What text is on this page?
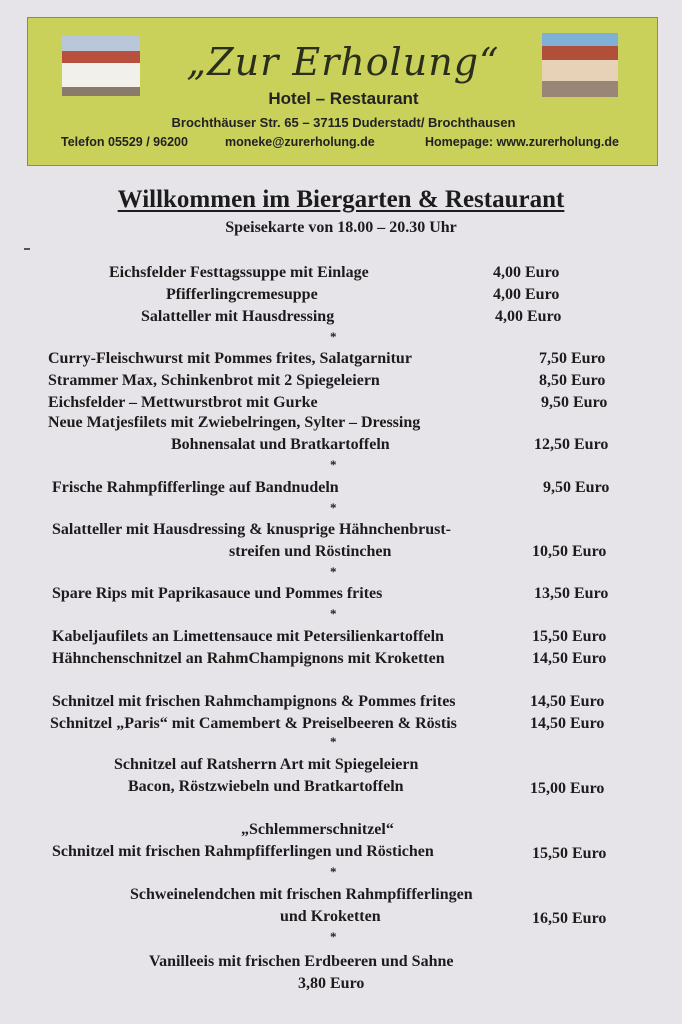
„Zur Erholung“
Hotel – Restaurant
Brochthäuser Str. 65 – 37115 Duderstadt/ Brochthausen
Telefon 05529 / 96200	moneke@zurerholung.de	Homepage: www.zurerholung.de
Willkommen im Biergarten & Restaurant
Speisekarte von 18.00 – 20.30 Uhr
Eichsfelder Festtagssuppe mit Einlage	4,00 Euro
Pfifferlingcremesuppe	4,00 Euro
Salatteller mit Hausdressing	4,00 Euro
*
Curry-Fleischwurst mit Pommes frites, Salatgarnitur	7,50 Euro
Strammer Max, Schinkenbrot mit 2 Spiegeleiern	8,50 Euro
Eichsfelder – Mettwurstbrot mit Gurke	9,50 Euro
Neue Matjesfilets mit Zwiebelringen, Sylter – Dressing
Bohnensalat und Bratkartoffeln	12,50 Euro
*
Frische Rahmpfifferlinge auf Bandnudeln	9,50 Euro
*
Salatteller mit Hausdressing & knusprige Hähnchenbrust-
streifen und Röstinchen	10,50 Euro
*
Spare Rips mit Paprikasauce und Pommes frites	13,50 Euro
*
Kabeljaufilets an Limettensauce mit Petersilienkartoffeln	15,50 Euro
Hähnchenschnitzel an RahmChampignons mit Kroketten	14,50 Euro
Schnitzel mit frischen Rahmchampignons & Pommes frites	14,50 Euro
Schnitzel „Paris“ mit Camembert & Preiselbeeren & Röstis	14,50 Euro
*
Schnitzel auf Ratsherrn Art mit Spiegeleiern
Bacon, Röstzwiebeln und Bratkartoffeln	15,00 Euro
„Schlemmerschnitzel“
Schnitzel mit frischen Rahmpfifferlingen und Röstichen	15,50 Euro
*
Schweinelendchen mit frischen Rahmpfifferlingen
und Kroketten	16,50 Euro
*
Vanilleeis mit frischen Erdbeeren und Sahne
3,80 Euro
